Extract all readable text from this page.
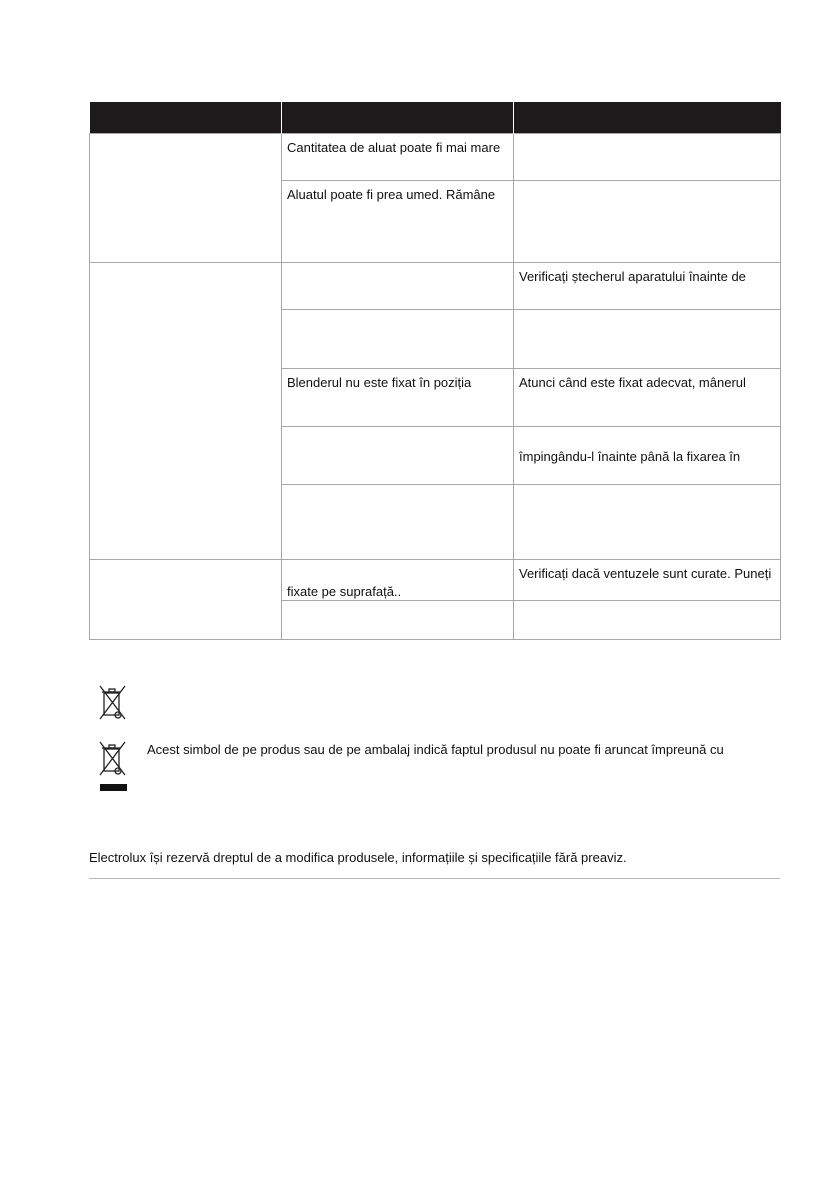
	Cantitatea de aluat poate fi mai mare	
	Aluatul poate fi prea umed. Rămâne	
		Verificați ștecherul aparatului înainte de

	Blenderul nu este fixat în poziția	Atunci când este fixat adecvat, mânerul
		împingându-l înainte până la fixarea în

	fixate pe suprafață..	Verificați dacă ventuzele sunt curate. Puneți

Acest simbol de pe produs sau de pe ambalaj indică faptul produsul nu poate fi aruncat împreună cu
Electrolux își rezervă dreptul de a modifica produsele, informațiile și specificațiile fără preaviz.
